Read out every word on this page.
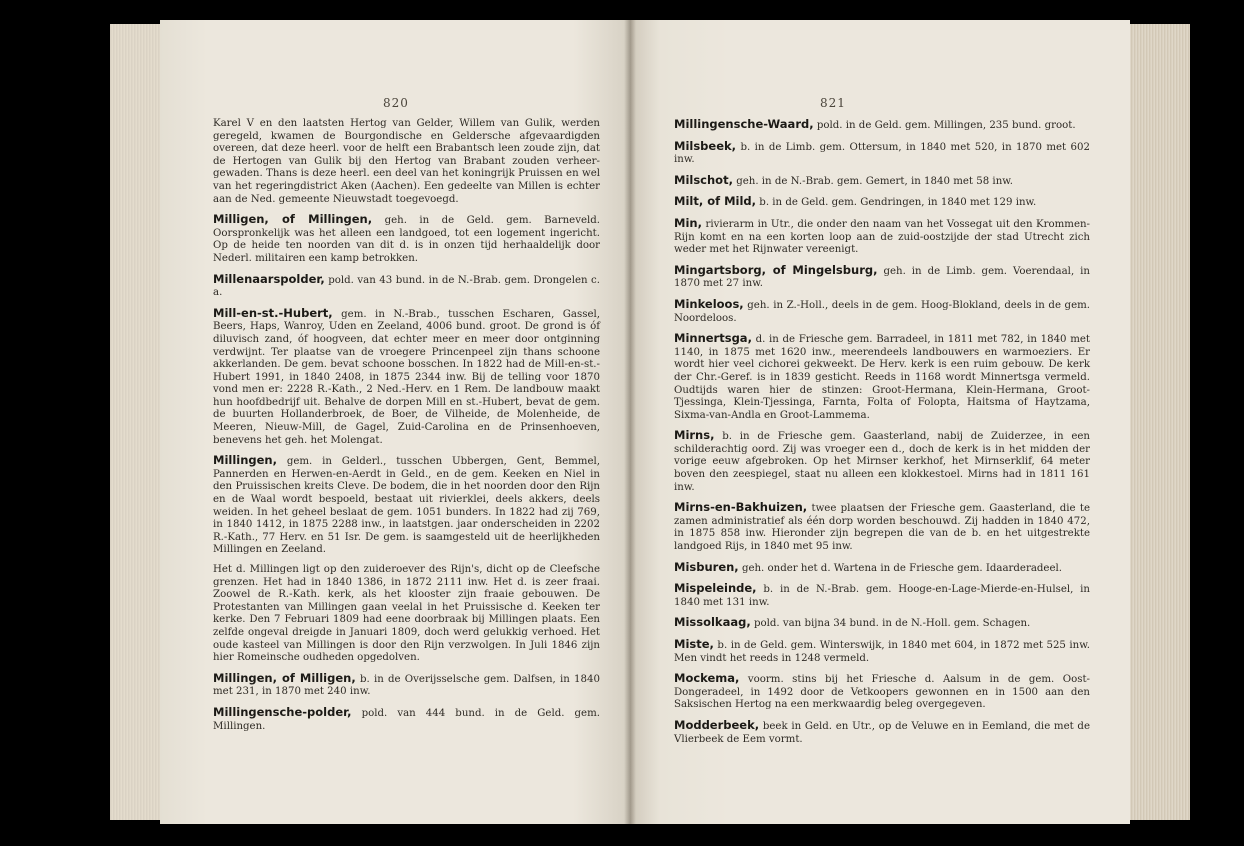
820

Karel V en den laatsten Hertog van Gelder, Willem van Gulik, werden geregeld, kwamen de Bourgondische en Geldersche afgevaardigden overeen, dat deze heerl. voor de helft een Brabantsch leen zoude zijn, dat de Hertogen van Gulik bij den Hertog van Brabant zouden verheer-gewaden. Thans is deze heerl. een deel van het koningrijk Pruissen en wel van het regeringdistrict Aken (Aachen). Een gedeelte van Millen is echter aan de Ned. gemeente Nieuwstadt toegevoegd.

Milligen, of Millingen, geh. in de Geld. gem. Barneveld. Oorspronkelijk was het alleen een landgoed, tot een logement ingericht. Op de heide ten noorden van dit d. is in onzen tijd herhaaldelijk door Nederl. militairen een kamp betrokken.

Millenaarspolder, pold. van 43 bund. in de N.-Brab. gem. Drongelen c. a.

Mill-en-st.-Hubert, gem. in N.-Brab., tusschen Escharen, Gassel, Beers, Haps, Wanroy, Uden en Zeeland, 4006 bund. groot. De grond is óf diluvisch zand, óf hoogveen, dat echter meer en meer door ontginning verdwijnt. Ter plaatse van de vroegere Princenpeel zijn thans schoone akkerlanden. De gem. bevat schoone bosschen. In 1822 had de Mill-en-st.-Hubert 1991, in 1840 2408, in 1875 2344 inw. Bij de telling voor 1870 vond men er: 2228 R.-Kath., 2 Ned.-Herv. en 1 Rem. De landbouw maakt hun hoofdbedrijf uit. Behalve de dorpen Mill en st.-Hubert, bevat de gem. de buurten Hollanderbroek, de Boer, de Vilheide, de Molenheide, de Meeren, Nieuw-Mill, de Gagel, Zuid-Carolina en de Prinsenhoeven, benevens het geh. het Molengat.

Millingen, gem. in Gelderl., tusschen Ubbergen, Gent, Bemmel, Pannerden en Herwen-en-Aerdt in Geld., en de gem. Keeken en Niel in den Pruissischen kreits Cleve. De bodem, die in het noorden door den Rijn en de Waal wordt bespoeld, bestaat uit rivierklei, deels akkers, deels weiden. In het geheel beslaat de gem. 1051 bunders. In 1822 had zij 769, in 1840 1412, in 1875 2288 inw., in laatstgen. jaar onderscheiden in 2202 R.-Kath., 77 Herv. en 51 Isr. De gem. is saamgesteld uit de heerlijkheden Millingen en Zeeland.

Het d. Millingen ligt op den zuideroever des Rijn's, dicht op de Cleefsche grenzen. Het had in 1840 1386, in 1872 2111 inw. Het d. is zeer fraai. Zoowel de R.-Kath. kerk, als het klooster zijn fraaie gebouwen. De Protestanten van Millingen gaan veelal in het Pruissische d. Keeken ter kerke. Den 7 Februari 1809 had eene doorbraak bij Millingen plaats. Een zelfde ongeval dreigde in Januari 1809, doch werd gelukkig verhoed. Het oude kasteel van Millingen is door den Rijn verzwolgen. In Juli 1846 zijn hier Romeinsche oudheden opgedolven.

Millingen, of Milligen, b. in de Overijsselsche gem. Dalfsen, in 1840 met 231, in 1870 met 240 inw.

Millingensche-polder, pold. van 444 bund. in de Geld. gem. Millingen.

821

Millingensche-Waard, pold. in de Geld. gem. Millingen, 235 bund. groot.

Milsbeek, b. in de Limb. gem. Ottersum, in 1840 met 520, in 1870 met 602 inw.

Milschot, geh. in de N.-Brab. gem. Gemert, in 1840 met 58 inw.

Milt, of Mild, b. in de Geld. gem. Gendringen, in 1840 met 129 inw.

Min, rivierarm in Utr., die onder den naam van het Vossegat uit den Krommen-Rijn komt en na een korten loop aan de zuid-oostzijde der stad Utrecht zich weder met het Rijnwater vereenigt.

Mingartsborg, of Mingelsburg, geh. in de Limb. gem. Voerendaal, in 1870 met 27 inw.

Minkeloos, geh. in Z.-Holl., deels in de gem. Hoog-Blokland, deels in de gem. Noordeloos.

Minnertsga, d. in de Friesche gem. Barradeel, in 1811 met 782, in 1840 met 1140, in 1875 met 1620 inw., meerendeels landbouwers en warmoeziers. Er wordt hier veel cichorei gekweekt. De Herv. kerk is een ruim gebouw. De kerk der Chr.-Geref. is in 1839 gesticht. Reeds in 1168 wordt Minnertsga vermeld. Oudtijds waren hier de stinzen: Groot-Hermana, Klein-Hermana, Groot-Tjessinga, Klein-Tjessinga, Farnta, Folta of Folopta, Haitsma of Haytzama, Sixma-van-Andla en Groot-Lammema.

Mirns, b. in de Friesche gem. Gaasterland, nabij de Zuiderzee, in een schilderachtig oord. Zij was vroeger een d., doch de kerk is in het midden der vorige eeuw afgebroken. Op het Mirnser kerkhof, het Mirnserklif, 64 meter boven den zeespiegel, staat nu alleen een klokkestoel. Mirns had in 1811 161 inw.

Mirns-en-Bakhuizen, twee plaatsen der Friesche gem. Gaasterland, die te zamen administratief als één dorp worden beschouwd. Zij hadden in 1840 472, in 1875 858 inw. Hieronder zijn begrepen die van de b. en het uitgestrekte landgoed Rijs, in 1840 met 95 inw.

Misburen, geh. onder het d. Wartena in de Friesche gem. Idaarderadeel.

Mispeleinde, b. in de N.-Brab. gem. Hooge-en-Lage-Mierde-en-Hulsel, in 1840 met 131 inw.

Missolkaag, pold. van bijna 34 bund. in de N.-Holl. gem. Schagen.

Miste, b. in de Geld. gem. Winterswijk, in 1840 met 604, in 1872 met 525 inw. Men vindt het reeds in 1248 vermeld.

Mockema, voorm. stins bij het Friesche d. Aalsum in de gem. Oost-Dongeradeel, in 1492 door de Vetkoopers gewonnen en in 1500 aan den Saksischen Hertog na een merkwaardig beleg overgegeven.

Modderbeek, beek in Geld. en Utr., op de Veluwe en in Eemland, die met de Vlierbeek de Eem vormt.
